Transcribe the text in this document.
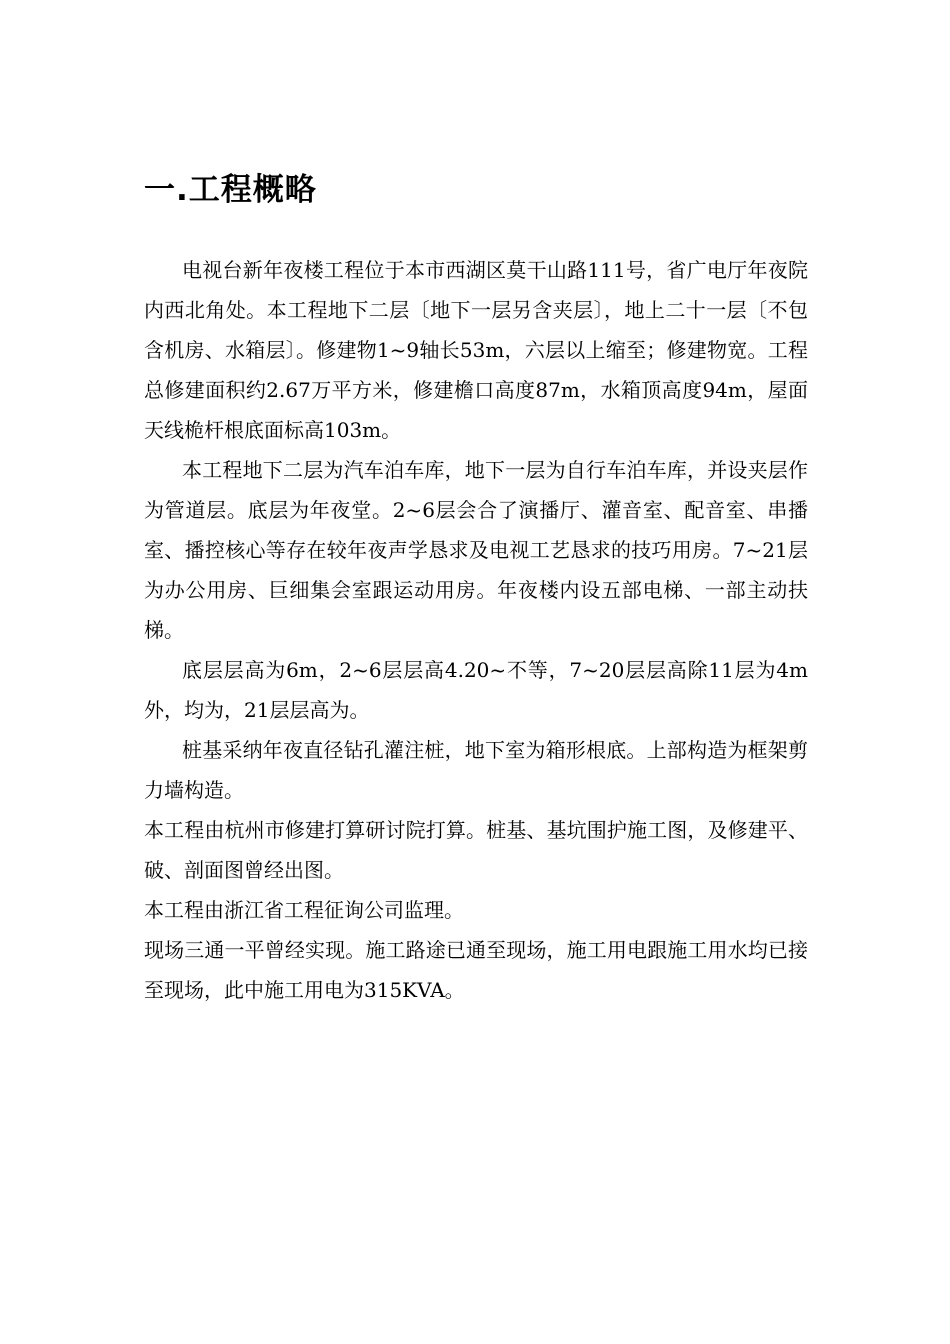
一.工程概略

电视台新年夜楼工程位于本市西湖区莫干山路111号，省广电厅年夜院内西北角处。本工程地下二层〔地下一层另含夹层〕，地上二十一层〔不包含机房、水箱层〕。修建物1~9轴长53m，六层以上缩至；修建物宽。工程总修建面积约2.67万平方米，修建檐口高度87m，水箱顶高度94m，屋面天线桅杆根底面标高103m。

本工程地下二层为汽车泊车库，地下一层为自行车泊车库，并设夹层作为管道层。底层为年夜堂。2~6层会合了演播厅、灌音室、配音室、串播室、播控核心等存在较年夜声学恳求及电视工艺恳求的技巧用房。7~21层为办公用房、巨细集会室跟运动用房。年夜楼内设五部电梯、一部主动扶梯。

底层层高为6m，2~6层层高4.20~不等，7~20层层高除11层为4m外，均为，21层层高为。

桩基采纳年夜直径钻孔灌注桩，地下室为箱形根底。上部构造为框架剪力墙构造。

本工程由杭州市修建打算研讨院打算。桩基、基坑围护施工图，及修建平、破、剖面图曾经出图。

本工程由浙江省工程征询公司监理。

现场三通一平曾经实现。施工路途已通至现场，施工用电跟施工用水均已接至现场，此中施工用电为315KVA。
